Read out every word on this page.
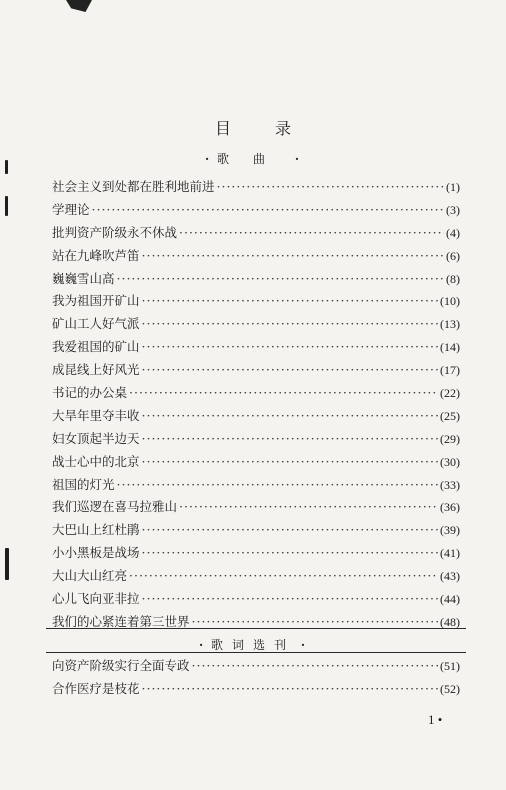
目录
· 歌曲 ·
社会主义到处都在胜利地前进 ·····	(1)
学理论 ·····	(3)
批判资产阶级永不休战 ·····	(4)
站在九峰吹芦笛 ·····	(6)
巍巍雪山高 ·····	(8)
我为祖国开矿山 ·····	(10)
矿山工人好气派 ·····	(13)
我爱祖国的矿山 ·····	(14)
成昆线上好风光 ·····	(17)
书记的办公桌 ·····	(22)
大旱年里夺丰收 ·····	(25)
妇女顶起半边天 ·····	(29)
战士心中的北京 ·····	(30)
祖国的灯光 ·····	(33)
我们巡逻在喜马拉雅山 ·····	(36)
大巴山上红杜鹃 ·····	(39)
小小黑板是战场 ·····	(41)
大山大山红亮 ·····	(43)
心儿飞向亚非拉 ·····	(44)
我们的心紧连着第三世界 ·····	(48)
· 歌词选刊 ·
向资产阶级实行全面专政 ·····	(51)
合作医疗是枝花 ·····	(52)
1 •
